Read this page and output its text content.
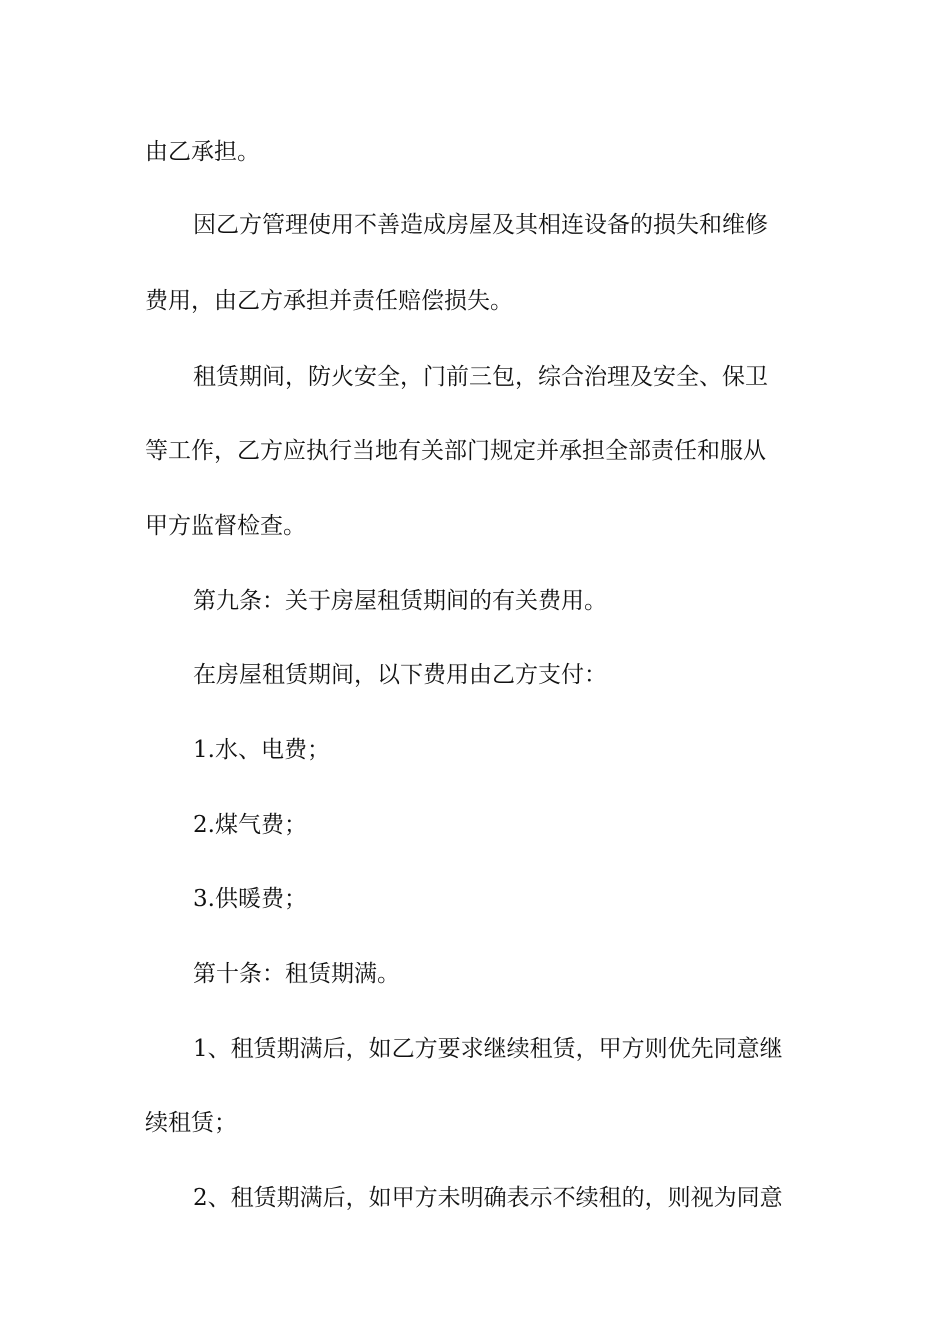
由乙承担。
因乙方管理使用不善造成房屋及其相连设备的损失和维修
费用，由乙方承担并责任赔偿损失。
租赁期间，防火安全，门前三包，综合治理及安全、保卫
等工作，乙方应执行当地有关部门规定并承担全部责任和服从
甲方监督检查。
第九条：关于房屋租赁期间的有关费用。
在房屋租赁期间，以下费用由乙方支付：
1.水、电费；
2.煤气费；
3.供暖费；
第十条：租赁期满。
1、租赁期满后，如乙方要求继续租赁，甲方则优先同意继
续租赁；
2、租赁期满后，如甲方未明确表示不续租的，则视为同意
